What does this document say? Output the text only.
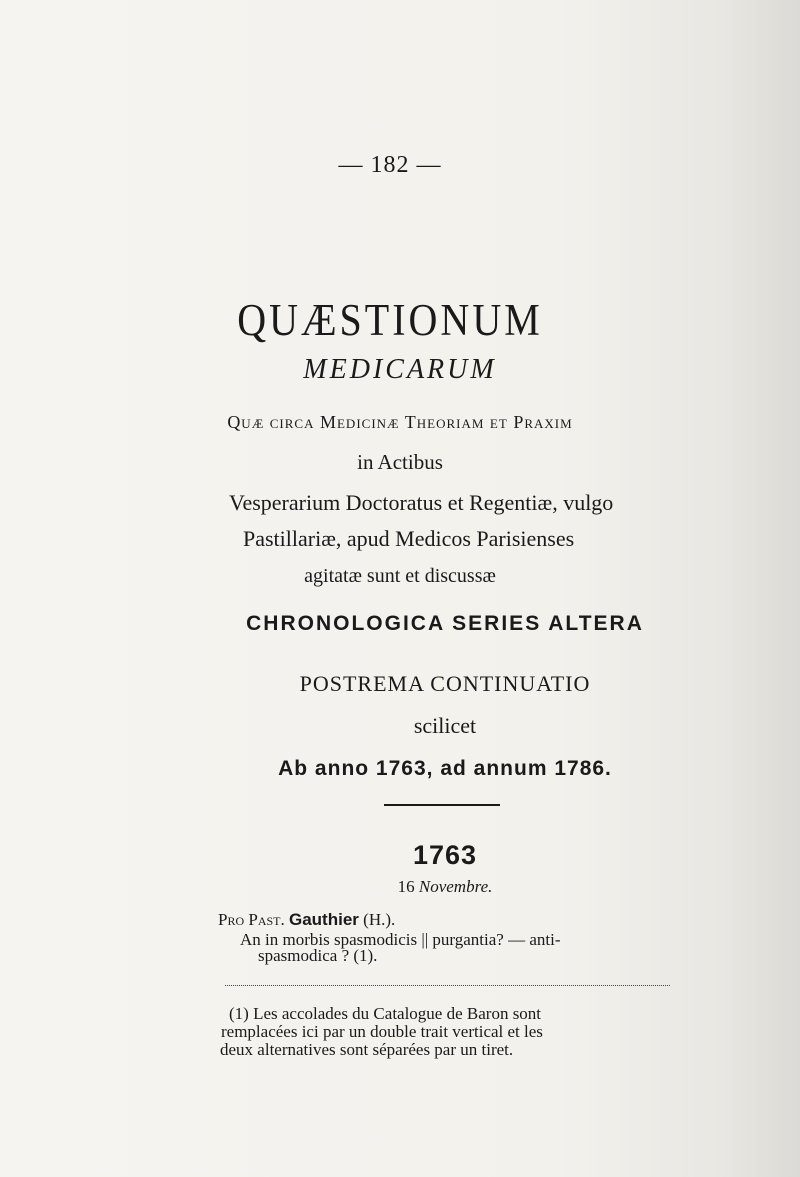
— 182 —
QUÆSTIONUM
MEDICARUM
Quæ circa Medicinæ Theoriam et Praxim
in Actibus
Vesperarium Doctoratus et Regentiæ, vulgo
Pastillariæ, apud Medicos Parisienses
agitatæ sunt et discussæ
CHRONOLOGICA SERIES ALTERA
POSTREMA CONTINUATIO
scilicet
Ab anno 1763, ad annum 1786.
1763
16 Novembre.
Pro Past. Gauthier (H.).
An in morbis spasmodicis || purgantia? — anti-
spasmodica ? (1).
(1) Les accolades du Catalogue de Baron sont
remplacées ici par un double trait vertical et les
deux alternatives sont séparées par un tiret.
